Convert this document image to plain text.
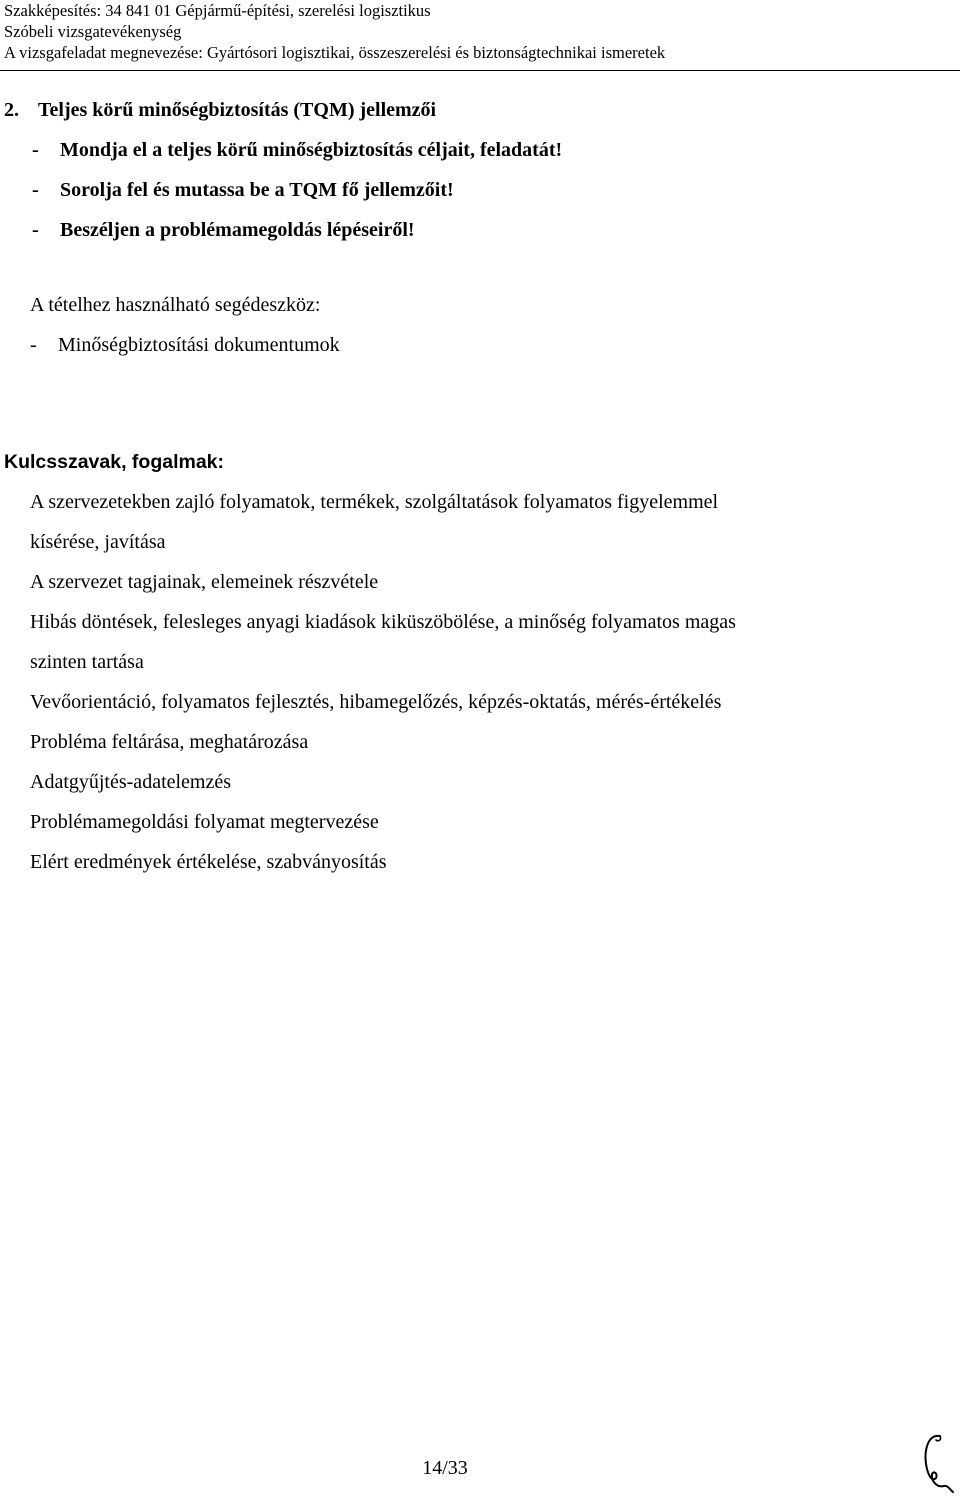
Szakképesítés: 34 841 01 Gépjármű-építési, szerelési logisztikus
Szóbeli vizsgatevékenység
A vizsgafeladat megnevezése: Gyártósori logisztikai, összeszerelési és biztonságtechnikai ismeretek
2. Teljes körű minőségbiztosítás (TQM) jellemzői
- Mondja el a teljes körű minőségbiztosítás céljait, feladatát!
- Sorolja fel és mutassa be a TQM fő jellemzőit!
- Beszéljen a problémamegoldás lépéseiről!
A tételhez használható segédeszköz:
- Minőségbiztosítási dokumentumok
Kulcsszavak, fogalmak:

A szervezetekben zajló folyamatok, termékek, szolgáltatások folyamatos figyelemmel

kísérése, javítása

A szervezet tagjainak, elemeinek részvétele

Hibás döntések, felesleges anyagi kiadások kiküszöbölése, a minőség folyamatos magas

szinten tartása

Vevőorientáció, folyamatos fejlesztés, hibamegelőzés, képzés-oktatás, mérés-értékelés

Probléma feltárása, meghatározása

Adatgyűjtés-adatelemzés

Problémamegoldási folyamat megtervezése

Elért eredmények értékelése, szabványosítás

14/33
